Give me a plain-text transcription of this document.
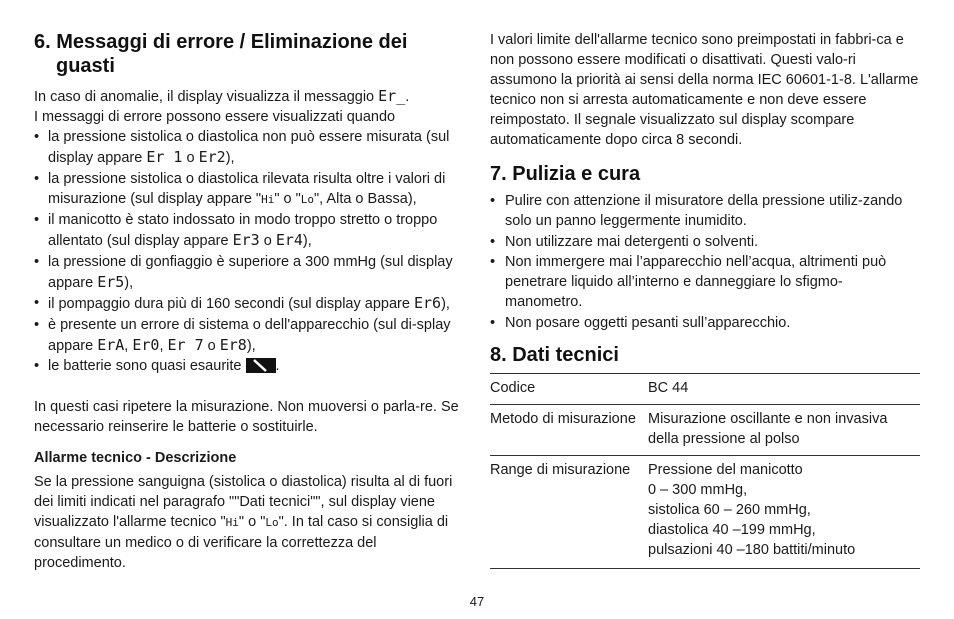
6. Messaggi di errore / Eliminazione dei guasti

In caso di anomalie, il display visualizza il messaggio Er_.

I messaggi di errore possono essere visualizzati quando

• la pressione sistolica o diastolica non può essere misurata (sul display appare Er 1 o Er2),
• la pressione sistolica o diastolica rilevata risulta oltre i valori di misurazione (sul display appare "Hi" o "Lo", Alta o Bassa),
• il manicotto è stato indossato in modo troppo stretto o troppo allentato (sul display appare Er3 o Er4),
• la pressione di gonfiaggio è superiore a 300 mmHg (sul display appare Er5),
• il pompaggio dura più di 160 secondi (sul display appare Er6),
• è presente un errore di sistema o dell'apparecchio (sul di-splay appare ErA, Er0, Er 7 o Er8),
• le batterie sono quasi esaurite
.

In questi casi ripetere la misurazione. Non muoversi o parla-re. Se necessario reinserire le batterie o sostituirle.

Allarme tecnico - Descrizione

Se la pressione sanguigna (sistolica o diastolica) risulta al di fuori dei limiti indicati nel paragrafo ""Dati tecnici"", sul display viene visualizzato l'allarme tecnico "Hi" o "Lo". In tal caso si consiglia di consultare un medico o di verificare la correttezza del procedimento.

I valori limite dell'allarme tecnico sono preimpostati in fabbri-ca e non possono essere modificati o disattivati. Questi valo-ri assumono la priorità ai sensi della norma IEC 60601-1-8. L'allarme tecnico non si arresta automaticamente e non deve essere reimpostato. Il segnale visualizzato sul display scompare automaticamente dopo circa 8 secondi.

7. Pulizia e cura
• Pulire con attenzione il misuratore della pressione utiliz-zando solo un panno leggermente inumidito.
• Non utilizzare mai detergenti o solventi.
• Non immergere mai l’apparecchio nell’acqua, altrimenti può penetrare liquido all’interno e danneggiare lo sfigmo-manometro.
• Non posare oggetti pesanti sull’apparecchio.
8. Dati tecnici
Codice	BC 44
Metodo di misurazione	Misurazione oscillante e non invasiva della pressione al polso
Range di misurazione	Pressione del manicotto
0 – 300 mmHg,
sistolica 60 – 260 mmHg,
diastolica 40 –199 mmHg,
pulsazioni 40 –180 battiti/minuto
47
